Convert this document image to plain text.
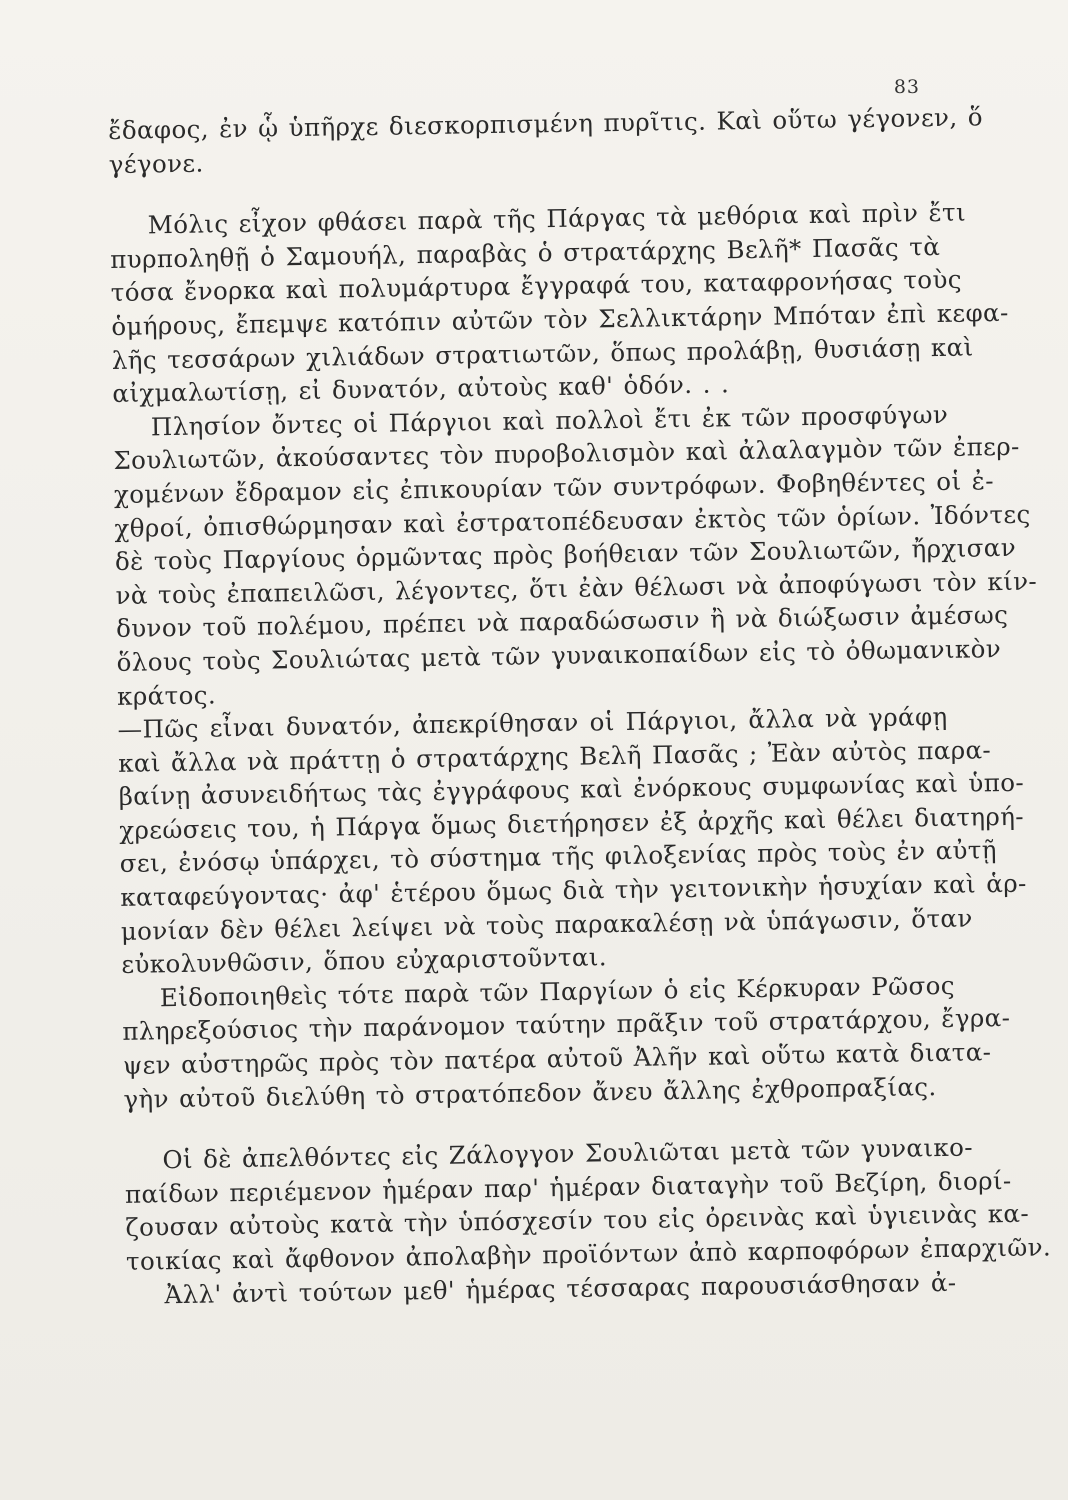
83
ἔδαφος, ἐν ᾧ ὑπῆρχε διεσκορπισμένη πυρῖτις. Καὶ οὕτω γέγονεν, ὅ
γέγονε.
Μόλις εἶχον φθάσει παρὰ τῆς Πάργας τὰ μεθόρια καὶ πρὶν ἔτι
πυρποληθῇ ὁ Σαμουήλ, παραβὰς ὁ στρατάρχης Βελῆ* Πασᾶς τὰ
τόσα ἔνορκα καὶ πολυμάρτυρα ἔγγραφά του, καταφρονήσας τοὺς
ὁμήρους, ἔπεμψε κατόπιν αὐτῶν τὸν Σελλικτάρην Μπόταν ἐπὶ κεφα-
λῆς τεσσάρων χιλιάδων στρατιωτῶν, ὅπως προλάβῃ, θυσιάσῃ καὶ
αἰχμαλωτίσῃ, εἰ δυνατόν, αὐτοὺς καθ' ὁδόν. . .
Πλησίον ὄντες οἱ Πάργιοι καὶ πολλοὶ ἔτι ἐκ τῶν προσφύγων
Σουλιωτῶν, ἀκούσαντες τὸν πυροβολισμὸν καὶ ἀλαλαγμὸν τῶν ἐπερ-
χομένων ἔδραμον εἰς ἐπικουρίαν τῶν συντρόφων. Φοβηθέντες οἱ ἐ-
χθροί, ὀπισθώρμησαν καὶ ἐστρατοπέδευσαν ἐκτὸς τῶν ὁρίων. Ἰδόντες
δὲ τοὺς Παργίους ὁρμῶντας πρὸς βοήθειαν τῶν Σουλιωτῶν, ἤρχισαν
νὰ τοὺς ἐπαπειλῶσι, λέγοντες, ὅτι ἐὰν θέλωσι νὰ ἀποφύγωσι τὸν κίν-
δυνον τοῦ πολέμου, πρέπει νὰ παραδώσωσιν ἢ νὰ διώξωσιν ἀμέσως
ὅλους τοὺς Σουλιώτας μετὰ τῶν γυναικοπαίδων εἰς τὸ ὀθωμανικὸν
κράτος.
—Πῶς εἶναι δυνατόν, ἀπεκρίθησαν οἱ Πάργιοι, ἄλλα νὰ γράφῃ
καὶ ἄλλα νὰ πράττῃ ὁ στρατάρχης Βελῆ Πασᾶς ; Ἐὰν αὐτὸς παρα-
βαίνῃ ἀσυνειδήτως τὰς ἐγγράφους καὶ ἐνόρκους συμφωνίας καὶ ὑπο-
χρεώσεις του, ἡ Πάργα ὅμως διετήρησεν ἐξ ἀρχῆς καὶ θέλει διατηρή-
σει, ἐνόσῳ ὑπάρχει, τὸ σύστημα τῆς φιλοξενίας πρὸς τοὺς ἐν αὐτῇ
καταφεύγοντας· ἀφ' ἑτέρου ὅμως διὰ τὴν γειτονικὴν ἡσυχίαν καὶ ἁρ-
μονίαν δὲν θέλει λείψει νὰ τοὺς παρακαλέσῃ νὰ ὑπάγωσιν, ὅταν
εὐκολυνθῶσιν, ὅπου εὐχαριστοῦνται.
Εἰδοποιηθεὶς τότε παρὰ τῶν Παργίων ὁ εἰς Κέρκυραν Ρῶσος
πληρεξούσιος τὴν παράνομον ταύτην πρᾶξιν τοῦ στρατάρχου, ἔγρα-
ψεν αὐστηρῶς πρὸς τὸν πατέρα αὐτοῦ Ἀλῆν καὶ οὕτω κατὰ διατα-
γὴν αὐτοῦ διελύθη τὸ στρατόπεδον ἄνευ ἄλλης ἐχθροπραξίας.
Οἱ δὲ ἀπελθόντες εἰς Ζάλογγον Σουλιῶται μετὰ τῶν γυναικο-
παίδων περιέμενον ἡμέραν παρ' ἡμέραν διαταγὴν τοῦ Βεζίρη, διορί-
ζουσαν αὐτοὺς κατὰ τὴν ὑπόσχεσίν του εἰς ὀρεινὰς καὶ ὑγιεινὰς κα-
τοικίας καὶ ἄφθονον ἀπολαβὴν προϊόντων ἀπὸ καρποφόρων ἐπαρχιῶν.
Ἀλλ' ἀντὶ τούτων μεθ' ἡμέρας τέσσαρας παρουσιάσθησαν ἀ-
